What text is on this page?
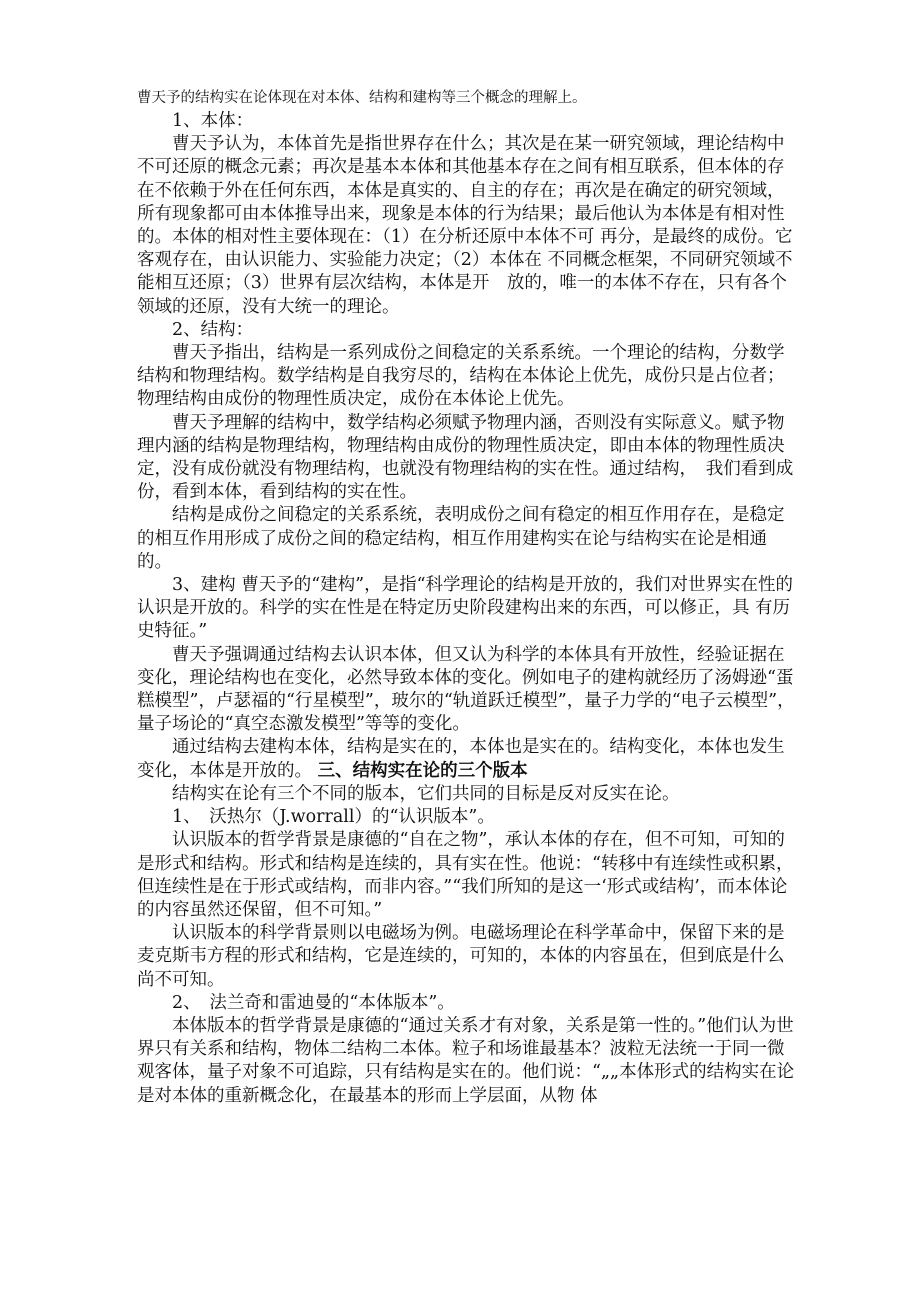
曹天予的结构实在论体现在对本体、结构和建构等三个概念的理解上。

1、本体：

曹天予认为，本体首先是指世界存在什么；其次是在某一研究领域，理论结构中不可还原的概念元素；再次是基本本体和其他基本存在之间有相互联系，但本体的存在不依赖于外在任何东西，本体是真实的、自主的存在；再次是在确定的研究领域，所有现象都可由本体推导出来，现象是本体的行为结果；最后他认为本体是有相对性的。本体的相对性主要体现在：（1）在分析还原中本体不可 再分，是最终的成份。它客观存在，由认识能力、实验能力决定；（2）本体在 不同概念框架，不同研究领域不能相互还原；（3）世界有层次结构，本体是开　放的，唯一的本体不存在，只有各个领域的还原，没有大统一的理论。

2、结构：

曹天予指出，结构是一系列成份之间稳定的关系系统。一个理论的结构，分数学结构和物理结构。数学结构是自我穷尽的，结构在本体论上优先，成份只是占位者；物理结构由成份的物理性质决定，成份在本体论上优先。

曹天予理解的结构中，数学结构必须赋予物理内涵，否则没有实际意义。赋予物理内涵的结构是物理结构，物理结构由成份的物理性质决定，即由本体的物理性质决定，没有成份就没有物理结构，也就没有物理结构的实在性。通过结构，　我们看到成份，看到本体，看到结构的实在性。

结构是成份之间稳定的关系系统，表明成份之间有稳定的相互作用存在，是稳定的相互作用形成了成份之间的稳定结构，相互作用建构实在论与结构实在论是相通的。

3、建构 曹天予的“建构”，是指“科学理论的结构是开放的，我们对世界实在性的 认识是开放的。科学的实在性是在特定历史阶段建构出来的东西，可以修正，具 有历史特征。”

曹天予强调通过结构去认识本体，但又认为科学的本体具有开放性，经验证据在变化，理论结构也在变化，必然导致本体的变化。例如电子的建构就经历了汤姆逊“蛋糕模型”，卢瑟福的“行星模型”，玻尔的“轨道跃迁模型”，量子力学的“电子云模型”，量子场论的“真空态激发模型”等等的变化。

通过结构去建构本体，结构是实在的，本体也是实在的。结构变化，本体也发生变化，本体是开放的。 三、结构实在论的三个版本

结构实在论有三个不同的版本，它们共同的目标是反对反实在论。

1、　沃热尔（J.worrall）的“认识版本”。

认识版本的哲学背景是康德的“自在之物”，承认本体的存在，但不可知，可知的是形式和结构。形式和结构是连续的，具有实在性。他说：“转移中有连续性或积累，但连续性是在于形式或结构，而非内容。”“我们所知的是这一‘形式或结构’，而本体论的内容虽然还保留，但不可知。”

认识版本的科学背景则以电磁场为例。电磁场理论在科学革命中，保留下来的是麦克斯韦方程的形式和结构，它是连续的，可知的，本体的内容虽在，但到底是什么尚不可知。

2、　法兰奇和雷迪曼的“本体版本”。

本体版本的哲学背景是康德的“通过关系才有对象，关系是第一性的。”他们认为世界只有关系和结构，物体二结构二本体。粒子和场谁最基本？波粒无法统一于同一微观客体，量子对象不可追踪，只有结构是实在的。他们说：“„„本体形式的结构实在论是对本体的重新概念化，在最基本的形而上学层面，从物 体
